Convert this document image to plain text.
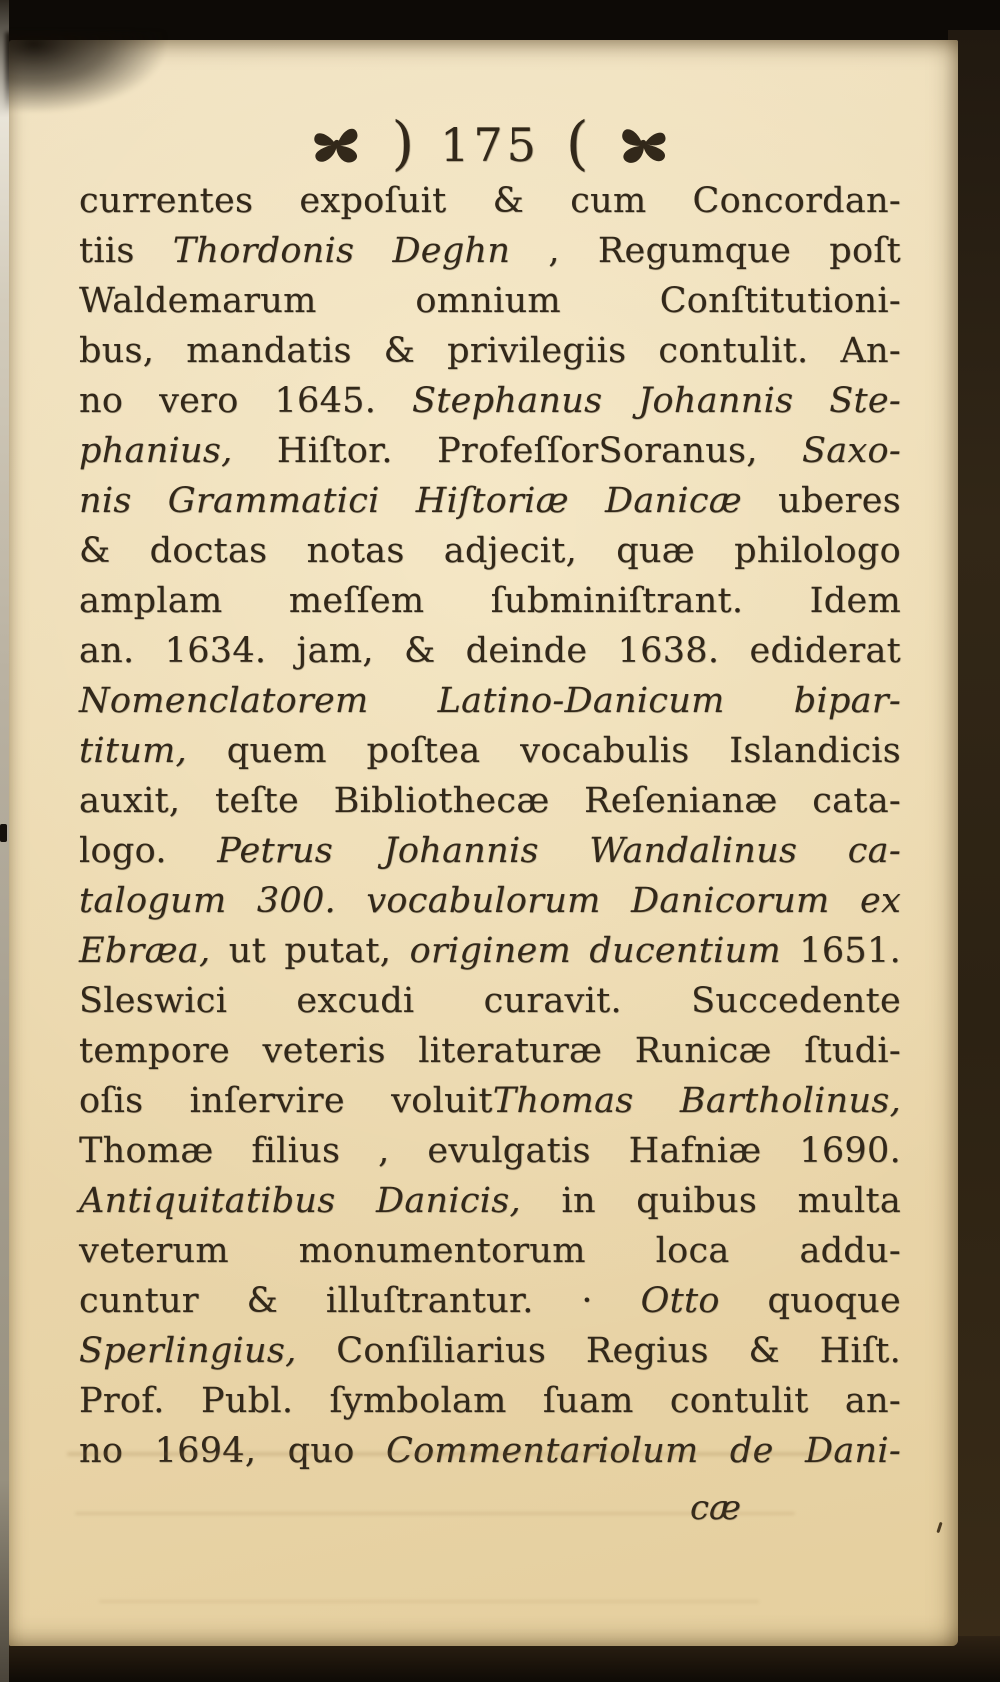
) 175 (
currentes expoſuit & cum Concordan-
tiis Thordonis Deghn , Regumque poſt
Waldemarum omnium Conſtitutioni-
bus, mandatis & privilegiis contulit. An-
no vero 1645. Stephanus Johannis Ste-
phanius, Hiſtor. ProfeſſorSoranus, Saxo-
nis Grammatici Hiſtoriæ Danicæ uberes
& doctas notas adjecit, quæ philologo
amplam meſſem ſubminiſtrant. Idem
an. 1634. jam, & deinde 1638. ediderat
Nomenclatorem Latino-Danicum bipar-
titum, quem poſtea vocabulis Islandicis
auxit, teſte Bibliothecæ Reſenianæ cata-
logo. Petrus Johannis Wandalinus ca-
talogum 300. vocabulorum Danicorum ex
Ebræa, ut putat, originem ducentium 1651.
Sleswici excudi curavit. Succedente
tempore veteris literaturæ Runicæ ſtudi-
oſis inſervire voluitThomas Bartholinus,
Thomæ filius , evulgatis Hafniæ 1690.
Antiquitatibus Danicis, in quibus multa
veterum monumentorum loca addu-
cuntur & illuſtrantur. · Otto quoque
Sperlingius, Conſiliarius Regius & Hiſt.
Prof. Publ. ſymbolam ſuam contulit an-
no 1694, quo Commentariolum de Dani-
cæ
